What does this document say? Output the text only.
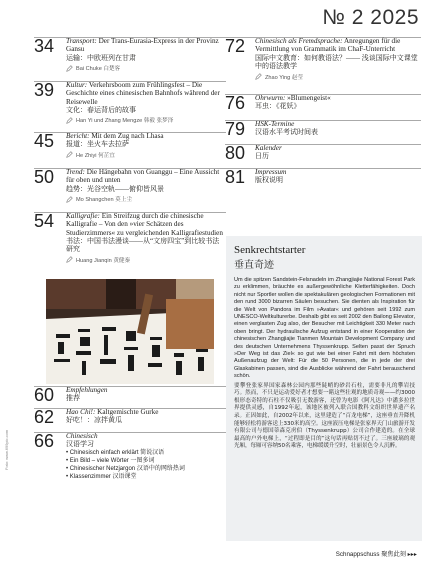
№ 2 2025
34 Transport: Der Trans-Eurasia-Express in der Provinz Gansu
运输：中欧班列在甘肃
Bai Chuke 白楚客
39 Kultur: Verkehrsboom zum Frühlingsfest – Die Geschichte eines chinesischen Bahnhofs während der Reisewelle
文化：春运背后的故事
Han Yi und Zhang Mengze 韩毅 张梦泽
45 Bericht: Mit dem Zug nach Lhasa
报道：坐火车去拉萨
He Zhiyi 何芷宜
50 Trend: Die Hängebahn von Guanggu – Eine Aussicht für oben und unten
趋势：光谷空轨——俯仰皆风景
Mo Shangchen 莫上尘
54 Kalligrafie: Ein Streifzug durch die chinesische Kalligrafie – Von den »vier Schätzen des Studierzimmers« zu vergleichenden Kalligrafiestudien
书法：中国书法漫谈——从“文房四宝”到比较书法研究
Huang Jianqin 黄健秦
60 Empfehlungen
推荐
62 Hao Chi!: Kaltgemischte Gurke
好吃！：凉拌黄瓜
66 Chinesisch
汉语学习
• Chinesisch einfach erklärt 简说汉语
• Ein Bild – viele Wörter 一图多词
• Chinesischer Netzjargon 汉语中的网络热词
• Klassenzimmer 汉语课堂
72 Chinesisch als Fremdsprache: Anregungen für die Vermittlung von Grammatik im ChaF-Unterricht
国际中文教育：如何教语法？—— 浅谈国际中文课堂中的语法教学
Zhao Ying 赵莹
76 Ohrwurm: »Blumengeist«
耳虫：《花妖》
79 HSK-Termine
汉语水平考试时间表
80 Kalender
日历
81 Impressum
版权说明
Senkrechtstarter
垂直奇迹
Um die spitzen Sandstein-Felsnadeln im Zhangjiajie National Forest Park zu erklimmen, bräuchte es außergewöhnliche Kletterfähigkeiten. Doch nicht nur Sportler wollen die spektakulären geologischen Formationen mit den rund 3000 bizarren Säulen besuchen. Sie dienten als Inspiration für die Welt von Pandora im Film »Avatar« und gehören seit 1992 zum UNESCO-Weltkulturerbe. Deshalb gibt es seit 2002 den Bailong Elevator, einen verglasten Zug also, der Besucher mit Leichtigkeit 330 Meter nach oben bringt. Der hydraulische Aufzug entstand in einer Kooperation der chinesischen Zhangjiajie Tianmen Mountain Development Company und des deutschen Unternehmens Thyssenkrupp. Selten passt der Spruch »Der Weg ist das Ziel« so gut wie bei einer Fahrt mit dem höchsten Außenaufzug der Welt: Für die 50 Personen, die in jede der drei Glaskabinen passen, sind die Ausblicke während der Fahrt berauschend schön.
要攀登张家界国家森林公园内那些陡峭的砂岩石柱，需要非凡的攀岩技巧。然而，不只是运动爱好者才想要一睹这些壮观的地质奇观——约3000根形态奇特的石柱不仅吸引无数游客，还曾为电影《阿凡达》中潘多拉世界提供灵感，自1992年起，该地区被列入联合国教科文组织世界遗产名录。正因如此，自2002年以来，这里建造了“百龙电梯”，这座垂直升降机能够轻松将游客送上330米的高空。这座液压电梯是张家界天门山旅游开发有限公司与德国蒂森克虏伯（Thyssenkrupp）公司合作建造的。在全球最高的户外电梯上，“过程即是目的”这句话再贴切不过了。三座玻璃的观光厢，每厢可容纳50名乘客，电梯缓缓升空时，壮丽景色令人沉醉。
Schnappschuss 聚焦此刻 ▸▸▸
Foto: www.699pic.com
